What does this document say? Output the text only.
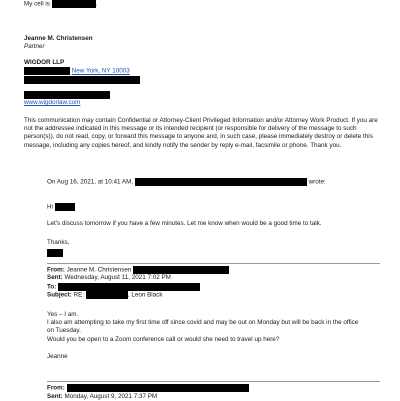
My cell is	.
Jeanne M. Christensen
Partner
WIGDOR LLP
New York, NY 10003
www.wigdorlaw.com
This communication may contain Confidential or Attorney-Client Privileged Information and/or Attorney Work Product. If you are not the addressee indicated in this message or its intended recipient (or responsible for delivery of the message to such person(s)), do not read, copy, or forward this message to anyone and, in such case, please immediately destroy or delete this message, including any copies hereof, and kindly notify the sender by reply e-mail, facsimile or phone. Thank you.
On Aug 16, 2021, at 10:41 AM,	wrote:
Hi
Let's discuss tomorrow if you have a few minutes. Let me know when would be a good time to talk.
Thanks,
From: Jeanne M. Christensen
Sent: Wednesday, August 11, 2021 7:02 PM
To:
Subject: RE:	, Leon Black
Yes – I am.
I also am attempting to take my first time off since covid and may be out on Monday but will be back in the office on Tuesday.
Would you be open to a Zoom conference call or would she need to travel up here?
Jeanne
From:
Sent: Monday, August 9, 2021 7:37 PM
